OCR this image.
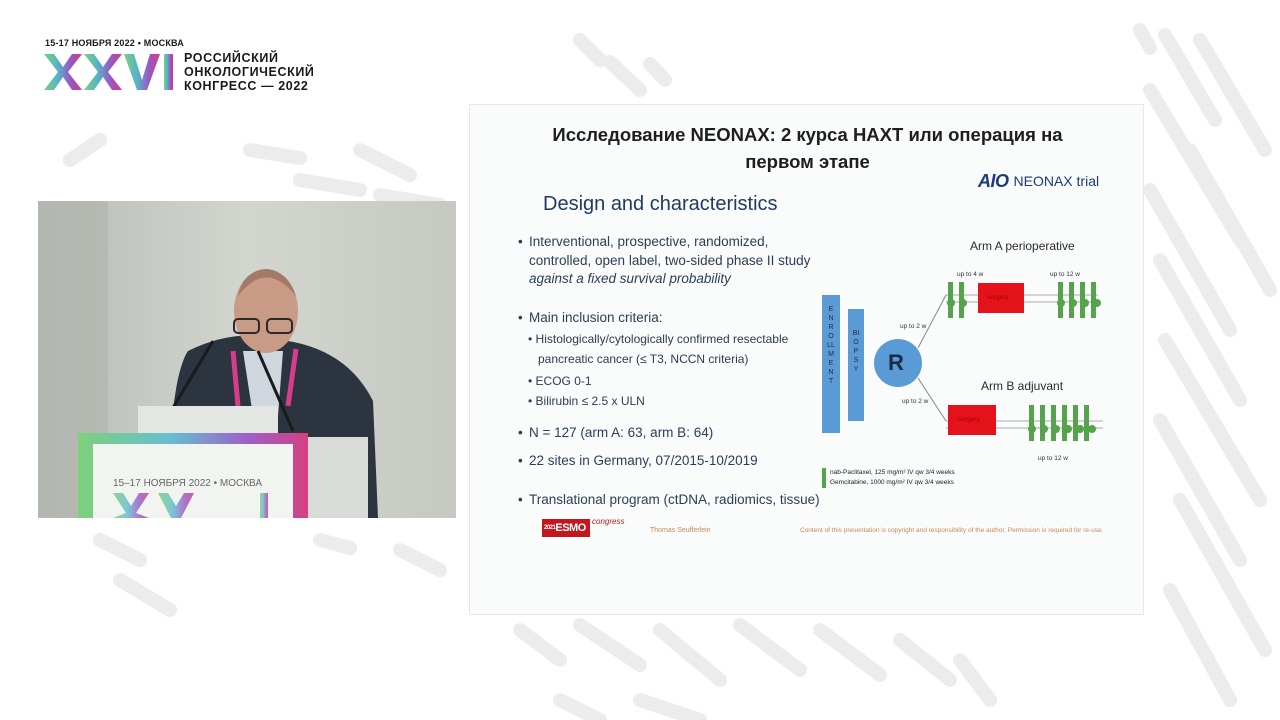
15-17 НОЯБРЯ 2022 • МОСКВА
РОССИЙСКИЙ
ОНКОЛОГИЧЕСКИЙ
КОНГРЕСС — 2022
15–17 НОЯБРЯ 2022 • МОСКВА
Исследование NEONAX: 2 курса НАХТ или операция на
первом этапе
AIO NEONAX trial
Design and characteristics
• Interventional, prospective, randomized,
controlled, open label, two-sided phase II study
against a fixed survival probability
• Main inclusion criteria:
• Histologically/cytologically confirmed resectable
pancreatic cancer (≤ T3, NCCN criteria)
• ECOG 0-1
• Bilirubin ≤ 2.5 x ULN
• N = 127 (arm A: 63, arm B: 64)
• 22 sites in Germany, 07/2015-10/2019
• Translational program (ctDNA, radiomics, tissue)
Arm A perioperative
Arm B adjuvant
ENROLLMENT
BIOPSY R
up to 4 w	up to 12 w
up to 2 w
up to 2 w
up to 12 w
surgery
surgery
nab-Paclitaxel, 125 mg/m² IV qw 3/4 weeks
Gemcitabine, 1000 mg/m² IV qw 3/4 weeks
$^{2021}$ESMO
congress
Thomas Seufferlein	Content of this presentation is copyright and responsibility of the author. Permission is required for re-use.
